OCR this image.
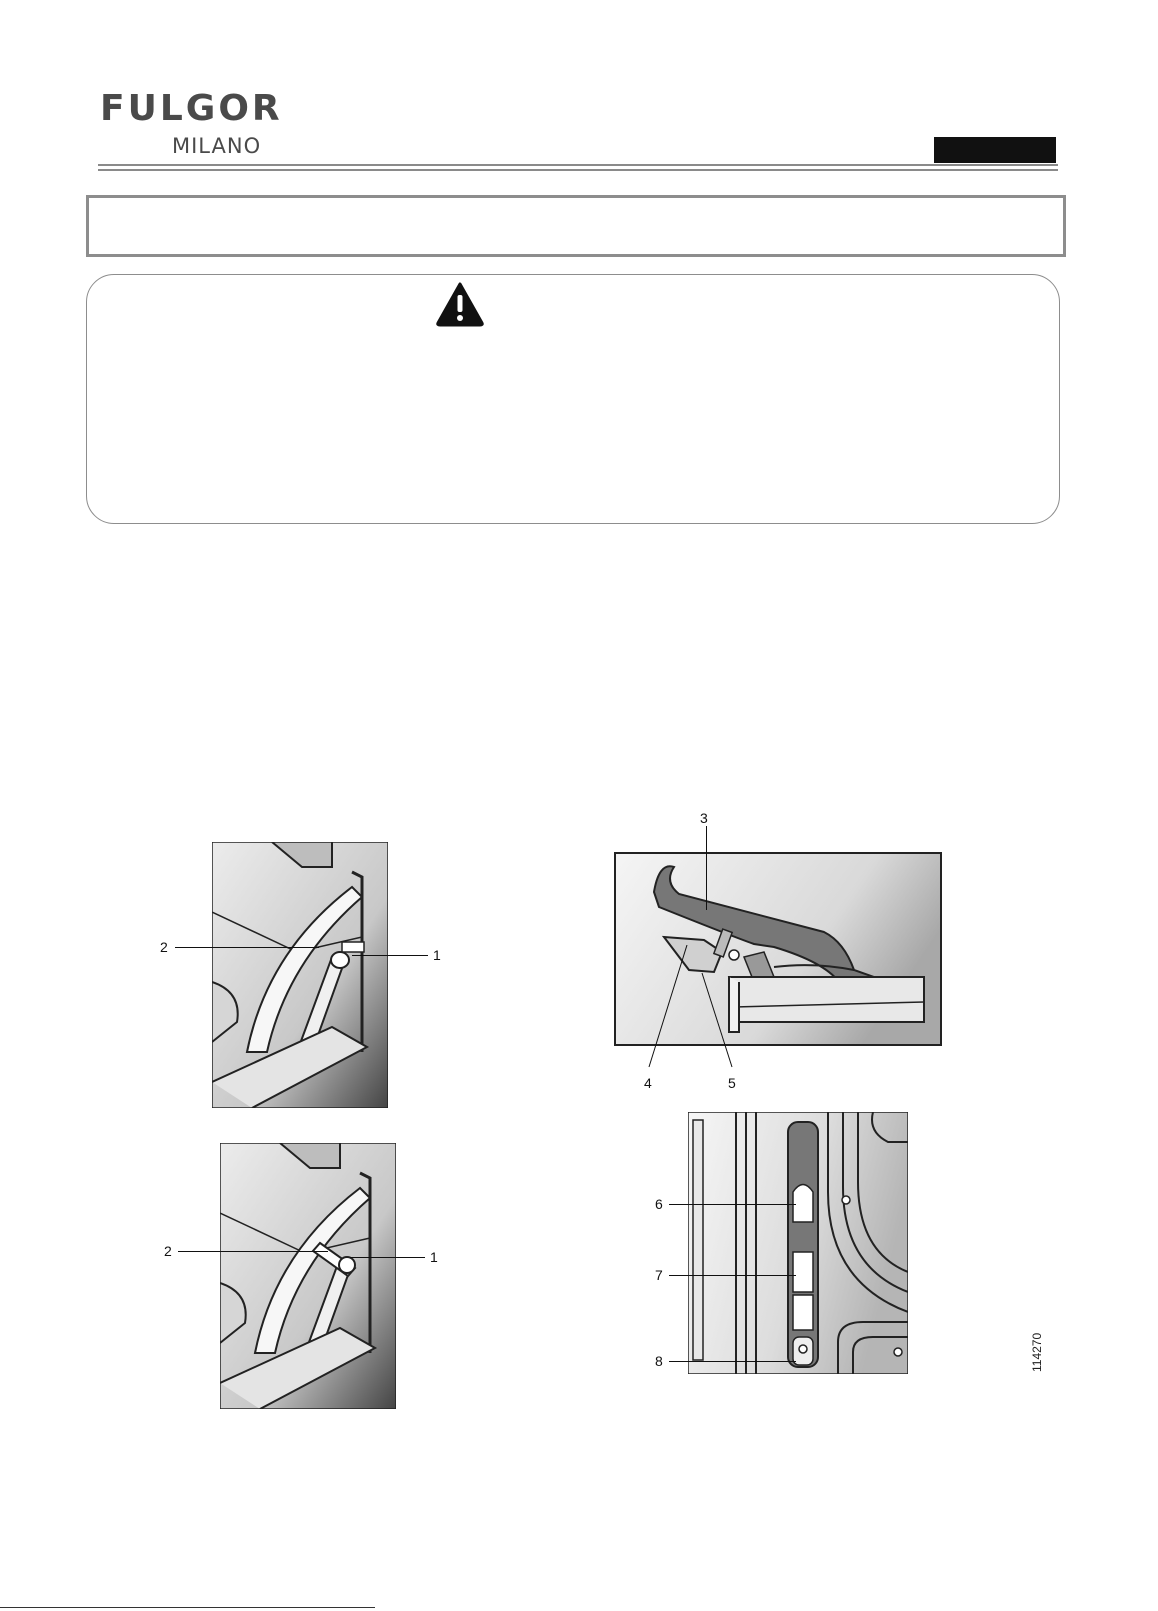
FULGOR
MILANO
2	1
2	1
3
4	5
6
7
8	114270
